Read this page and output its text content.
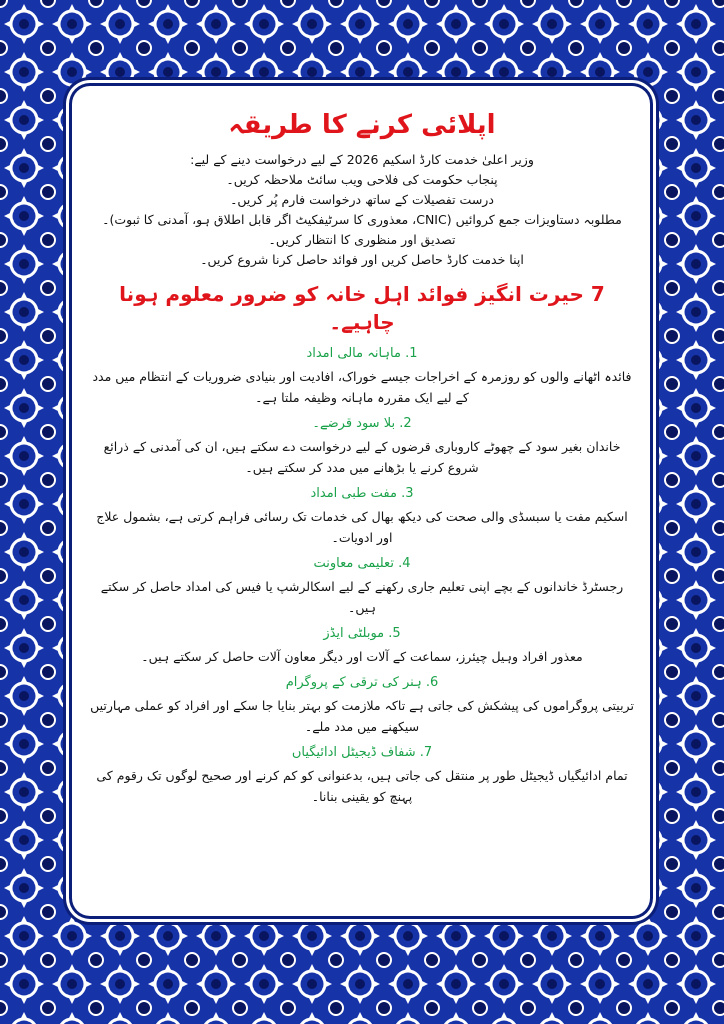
اپلائی کرنے کا طریقہ

وزیر اعلیٰ خدمت کارڈ اسکیم 2026 کے لیے درخواست دینے کے لیے:

پنجاب حکومت کی فلاحی ویب سائٹ ملاحظہ کریں۔

درست تفصیلات کے ساتھ درخواست فارم پُر کریں۔

مطلوبہ دستاویزات جمع کروائیں (CNIC، معذوری کا سرٹیفکیٹ اگر قابل اطلاق ہو، آمدنی کا ثبوت)۔

تصدیق اور منظوری کا انتظار کریں۔

اپنا خدمت کارڈ حاصل کریں اور فوائد حاصل کرنا شروع کریں۔

7 حیرت انگیز فوائد اہل خانہ کو ضرور معلوم ہونا چاہیے۔
1. ماہانہ مالی امداد

فائدہ اٹھانے والوں کو روزمرہ کے اخراجات جیسے خوراک، افادیت اور بنیادی ضروریات کے انتظام میں مدد کے لیے ایک مقررہ ماہانہ وظیفہ ملتا ہے۔

2. بلا سود قرضے۔

خاندان بغیر سود کے چھوٹے کاروباری قرضوں کے لیے درخواست دے سکتے ہیں، ان کی آمدنی کے ذرائع شروع کرنے یا بڑھانے میں مدد کر سکتے ہیں۔

3. مفت طبی امداد

اسکیم مفت یا سبسڈی والی صحت کی دیکھ بھال کی خدمات تک رسائی فراہم کرتی ہے، بشمول علاج اور ادویات۔

4. تعلیمی معاونت

رجسٹرڈ خاندانوں کے بچے اپنی تعلیم جاری رکھنے کے لیے اسکالرشپ یا فیس کی امداد حاصل کر سکتے ہیں۔

5. موبلٹی ایڈز

معذور افراد وہیل چیئرز، سماعت کے آلات اور دیگر معاون آلات حاصل کر سکتے ہیں۔

6. ہنر کی ترقی کے پروگرام

تربیتی پروگراموں کی پیشکش کی جاتی ہے تاکہ ملازمت کو بہتر بنایا جا سکے اور افراد کو عملی مہارتیں سیکھنے میں مدد ملے۔

7. شفاف ڈیجیٹل ادائیگیاں

تمام ادائیگیاں ڈیجیٹل طور پر منتقل کی جاتی ہیں، بدعنوانی کو کم کرنے اور صحیح لوگوں تک رقوم کی پہنچ کو یقینی بنانا۔
